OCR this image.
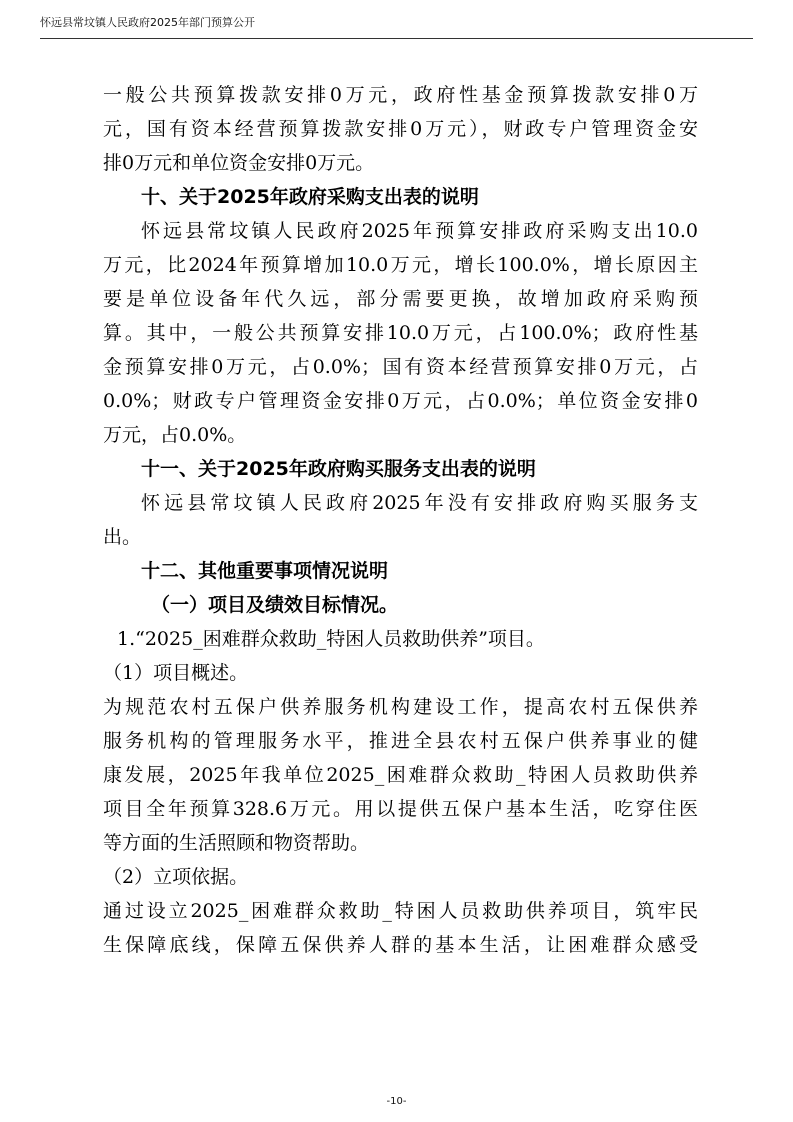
怀远县常坟镇人民政府2025年部门预算公开
一般公共预算拨款安排0万元，政府性基金预算拨款安排0万
元，国有资本经营预算拨款安排0万元），财政专户管理资金安
排0万元和单位资金安排0万元。
十、关于2025年政府采购支出表的说明
怀远县常坟镇人民政府2025年预算安排政府采购支出10.0
万元，比2024年预算增加10.0万元，增长100.0%，增长原因主
要是单位设备年代久远，部分需要更换，故增加政府采购预
算。其中，一般公共预算安排10.0万元，占100.0%；政府性基
金预算安排0万元，占0.0%；国有资本经营预算安排0万元，占
0.0%；财政专户管理资金安排0万元，占0.0%；单位资金安排0
万元，占0.0%。
十一、关于2025年政府购买服务支出表的说明
怀远县常坟镇人民政府2025年没有安排政府购买服务支
出。
十二、其他重要事项情况说明
（一）项目及绩效目标情况。
1.“2025_困难群众救助_特困人员救助供养”项目。
（1）项目概述。
为规范农村五保户供养服务机构建设工作，提高农村五保供养
服务机构的管理服务水平，推进全县农村五保户供养事业的健
康发展，2025年我单位2025_困难群众救助_特困人员救助供养
项目全年预算328.6万元。用以提供五保户基本生活，吃穿住医
等方面的生活照顾和物资帮助。
（2）立项依据。
通过设立2025_困难群众救助_特困人员救助供养项目，筑牢民
生保障底线，保障五保供养人群的基本生活，让困难群众感受
-10-
